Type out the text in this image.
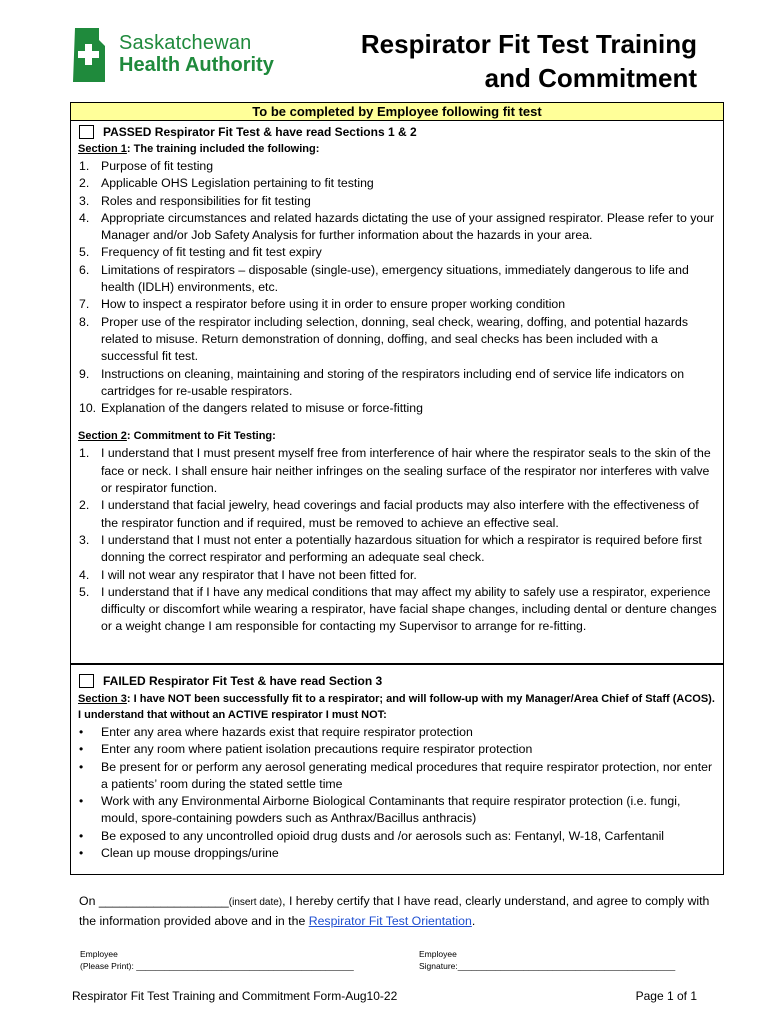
Saskatchewan
Health Authority
Respirator Fit Test Training
and Commitment
To be completed by Employee following fit test
PASSED Respirator Fit Test & have read Sections 1 & 2
Section 1: The training included the following:
1. Purpose of fit testing
2. Applicable OHS Legislation pertaining to fit testing
3. Roles and responsibilities for fit testing
4. Appropriate circumstances and related hazards dictating the use of your assigned respirator. Please refer to your Manager and/or Job Safety Analysis for further information about the hazards in your area.
5. Frequency of fit testing and fit test expiry
6. Limitations of respirators – disposable (single-use), emergency situations, immediately dangerous to life and health (IDLH) environments, etc.
7. How to inspect a respirator before using it in order to ensure proper working condition
8. Proper use of the respirator including selection, donning, seal check, wearing, doffing, and potential hazards related to misuse. Return demonstration of donning, doffing, and seal checks has been included with a successful fit test.
9. Instructions on cleaning, maintaining and storing of the respirators including end of service life indicators on cartridges for re-usable respirators.
10. Explanation of the dangers related to misuse or force-fitting
Section 2: Commitment to Fit Testing:
1. I understand that I must present myself free from interference of hair where the respirator seals to the skin of the face or neck. I shall ensure hair neither infringes on the sealing surface of the respirator nor interferes with valve or respirator function.
2. I understand that facial jewelry, head coverings and facial products may also interfere with the effectiveness of the respirator function and if required, must be removed to achieve an effective seal.
3. I understand that I must not enter a potentially hazardous situation for which a respirator is required before first donning the correct respirator and performing an adequate seal check.
4. I will not wear any respirator that I have not been fitted for.
5. I understand that if I have any medical conditions that may affect my ability to safely use a respirator, experience difficulty or discomfort while wearing a respirator, have facial shape changes, including dental or denture changes or a weight change I am responsible for contacting my Supervisor to arrange for re-fitting.
FAILED Respirator Fit Test & have read Section 3
Section 3: I have NOT been successfully fit to a respirator; and will follow-up with my Manager/Area Chief of Staff (ACOS). I understand that without an ACTIVE respirator I must NOT:
•	Enter any area where hazards exist that require respirator protection
•	Enter any room where patient isolation precautions require respirator protection
•	Be present for or perform any aerosol generating medical procedures that require respirator protection, nor enter a patients’ room during the stated settle time
•	Work with any Environmental Airborne Biological Contaminants that require respirator protection (i.e. fungi, mould, spore-containing powders such as Anthrax/Bacillus anthracis)
•	Be exposed to any uncontrolled opioid drug dusts and /or aerosols such as: Fentanyl, W-18, Carfentanil
•	Clean up mouse droppings/urine
On ___________________(insert date), I hereby certify that I have read, clearly understand, and agree to comply with the information provided above and in the Respirator Fit Test Orientation.
Employee
(Please Print): ______________________________________________
Employee
Signature:______________________________________________
Respirator Fit Test Training and Commitment Form-Aug10-22	Page 1 of 1
